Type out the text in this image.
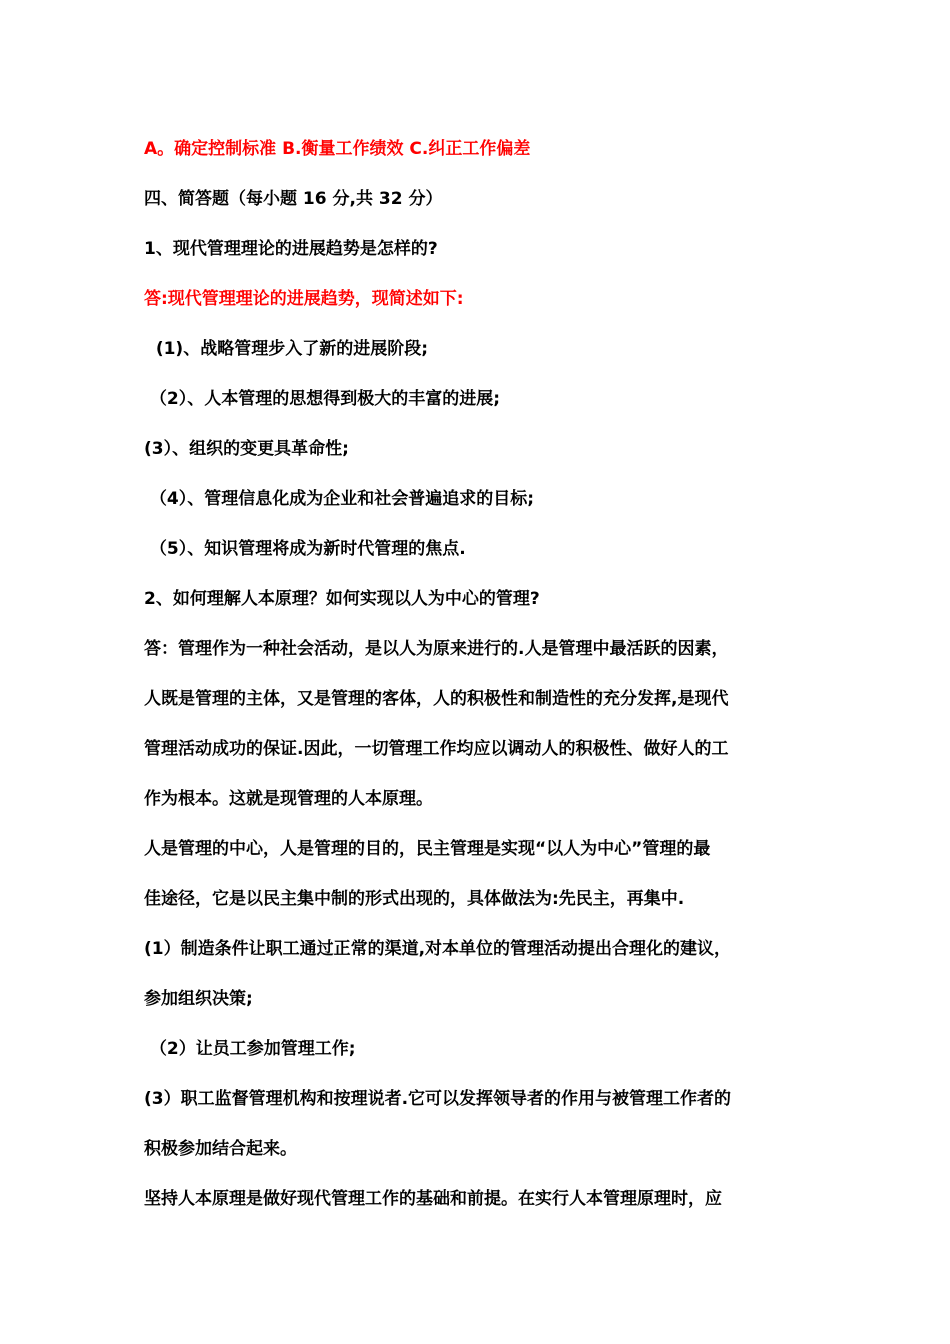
A。确定控制标准 B.衡量工作绩效 C.纠正工作偏差

四、简答题（每小题 16 分,共 32 分）

1、现代管理理论的进展趋势是怎样的?

答:现代管理理论的进展趋势，现简述如下:

(1)、战略管理步入了新的进展阶段;

（2）、人本管理的思想得到极大的丰富的进展;

(3）、组织的变更具革命性;

（4）、管理信息化成为企业和社会普遍追求的目标;

（5）、知识管理将成为新时代管理的焦点.

2、如何理解人本原理？如何实现以人为中心的管理?

答：管理作为一种社会活动，是以人为原来进行的.人是管理中最活跃的因素，

人既是管理的主体，又是管理的客体，人的积极性和制造性的充分发挥,是现代

管理活动成功的保证.因此，一切管理工作均应以调动人的积极性、做好人的工

作为根本。这就是现管理的人本原理。

人是管理的中心，人是管理的目的，民主管理是实现“以人为中心”管理的最

佳途径，它是以民主集中制的形式出现的，具体做法为:先民主，再集中.

(1）制造条件让职工通过正常的渠道,对本单位的管理活动提出合理化的建议，

参加组织决策;

（2）让员工参加管理工作;

(3）职工监督管理机构和按理说者.它可以发挥领导者的作用与被管理工作者的

积极参加结合起来。

坚持人本原理是做好现代管理工作的基础和前提。在实行人本管理原理时，应
